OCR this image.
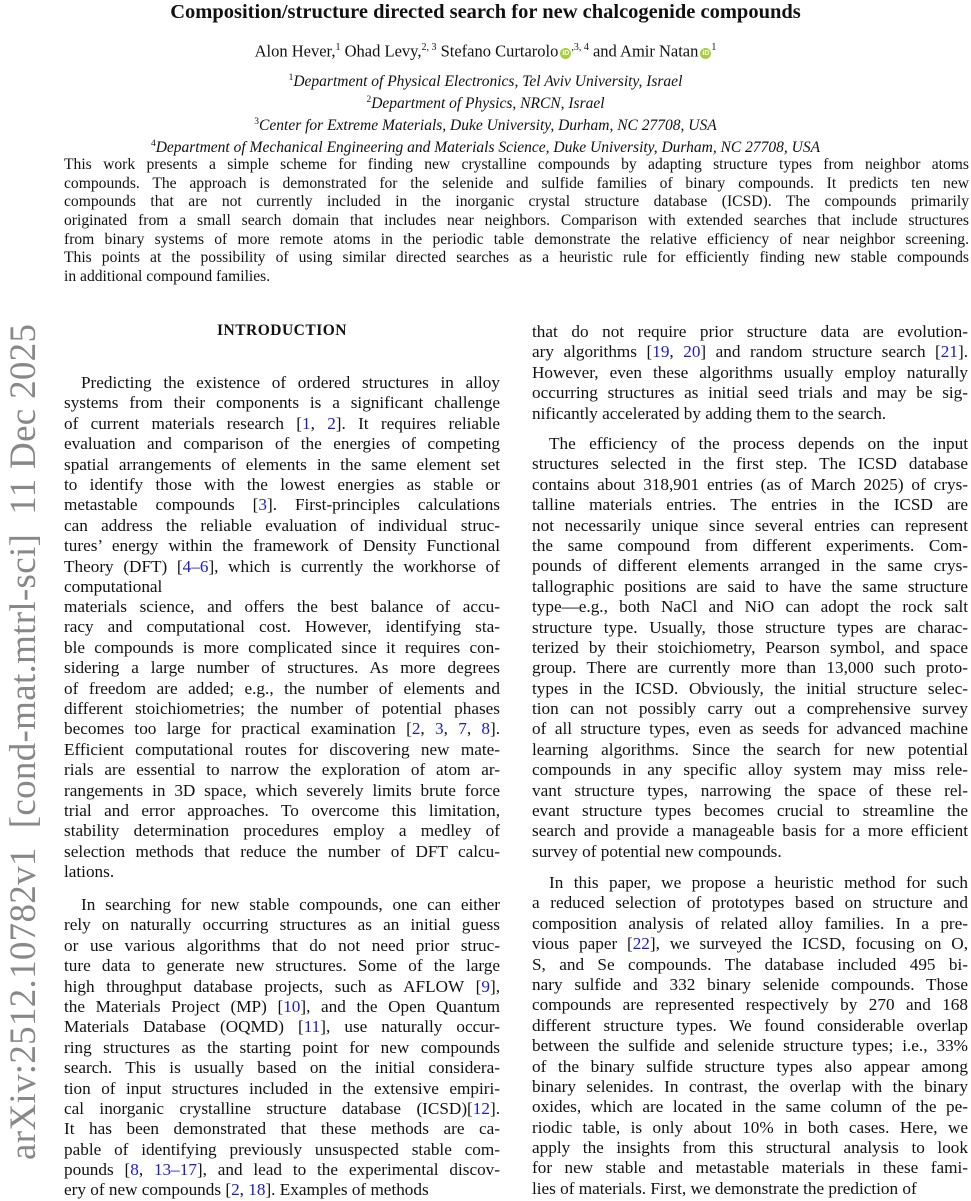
arXiv:2512.10782v1  [cond-mat.mtrl-sci]  11 Dec 2025
Composition/structure directed search for new chalcogenide compounds
Alon Hever,$^1$ Ohad Levy,$^{2, 3}$ Stefano Curtarolo iD $^{,3, 4}$ and Amir Natan iD $^1$
$^1$Department of Physical Electronics, Tel Aviv University, Israel
$^2$Department of Physics, NRCN, Israel
$^3$Center for Extreme Materials, Duke University, Durham, NC 27708, USA
$^4$Department of Mechanical Engineering and Materials Science, Duke University, Durham, NC 27708, USA
This work presents a simple scheme for finding new crystalline compounds by adapting structure types from neighbor atoms
compounds. The approach is demonstrated for the selenide and sulfide families of binary compounds. It predicts ten new
compounds that are not currently included in the inorganic crystal structure database (ICSD). The compounds primarily
originated from a small search domain that includes near neighbors. Comparison with extended searches that include structures
from binary systems of more remote atoms in the periodic table demonstrate the relative efficiency of near neighbor screening.
This points at the possibility of using similar directed searches as a heuristic rule for efficiently finding new stable compounds
in additional compound families.
INTRODUCTION
Predicting the existence of ordered structures in alloy
systems from their components is a significant challenge
of current materials research [1, 2]. It requires reliable
evaluation and comparison of the energies of competing
spatial arrangements of elements in the same element set
to identify those with the lowest energies as stable or
metastable compounds [3]. First-principles calculations
can address the reliable evaluation of individual struc-
tures’ energy within the framework of Density Functional
Theory (DFT) [4–6], which is currently the workhorse of
computational
materials science, and offers the best balance of accu-
racy and computational cost. However, identifying sta-
ble compounds is more complicated since it requires con-
sidering a large number of structures. As more degrees
of freedom are added; e.g., the number of elements and
different stoichiometries; the number of potential phases
becomes too large for practical examination [2, 3, 7, 8].
Efficient computational routes for discovering new mate-
rials are essential to narrow the exploration of atom ar-
rangements in 3D space, which severely limits brute force
trial and error approaches. To overcome this limitation,
stability determination procedures employ a medley of
selection methods that reduce the number of DFT calcu-
lations.
In searching for new stable compounds, one can either
rely on naturally occurring structures as an initial guess
or use various algorithms that do not need prior struc-
ture data to generate new structures. Some of the large
high throughput database projects, such as AFLOW [9],
the Materials Project (MP) [10], and the Open Quantum
Materials Database (OQMD) [11], use naturally occur-
ring structures as the starting point for new compounds
search. This is usually based on the initial considera-
tion of input structures included in the extensive empiri-
cal inorganic crystalline structure database (ICSD)[12].
It has been demonstrated that these methods are ca-
pable of identifying previously unsuspected stable com-
pounds [8, 13–17], and lead to the experimental discov-
ery of new compounds [2, 18]. Examples of methods
that do not require prior structure data are evolution-
ary algorithms [19, 20] and random structure search [21].
However, even these algorithms usually employ naturally
occurring structures as initial seed trials and may be sig-
nificantly accelerated by adding them to the search.
The efficiency of the process depends on the input
structures selected in the first step. The ICSD database
contains about 318,901 entries (as of March 2025) of crys-
talline materials entries. The entries in the ICSD are
not necessarily unique since several entries can represent
the same compound from different experiments. Com-
pounds of different elements arranged in the same crys-
tallographic positions are said to have the same structure
type—e.g., both NaCl and NiO can adopt the rock salt
structure type. Usually, those structure types are charac-
terized by their stoichiometry, Pearson symbol, and space
group. There are currently more than 13,000 such proto-
types in the ICSD. Obviously, the initial structure selec-
tion can not possibly carry out a comprehensive survey
of all structure types, even as seeds for advanced machine
learning algorithms. Since the search for new potential
compounds in any specific alloy system may miss rele-
vant structure types, narrowing the space of these rel-
evant structure types becomes crucial to streamline the
search and provide a manageable basis for a more efficient
survey of potential new compounds.
In this paper, we propose a heuristic method for such
a reduced selection of prototypes based on structure and
composition analysis of related alloy families. In a pre-
vious paper [22], we surveyed the ICSD, focusing on O,
S, and Se compounds. The database included 495 bi-
nary sulfide and 332 binary selenide compounds. Those
compounds are represented respectively by 270 and 168
different structure types. We found considerable overlap
between the sulfide and selenide structure types; i.e., 33%
of the binary sulfide structure types also appear among
binary selenides. In contrast, the overlap with the binary
oxides, which are located in the same column of the pe-
riodic table, is only about 10% in both cases. Here, we
apply the insights from this structural analysis to look
for new stable and metastable materials in these fami-
lies of materials. First, we demonstrate the prediction of
